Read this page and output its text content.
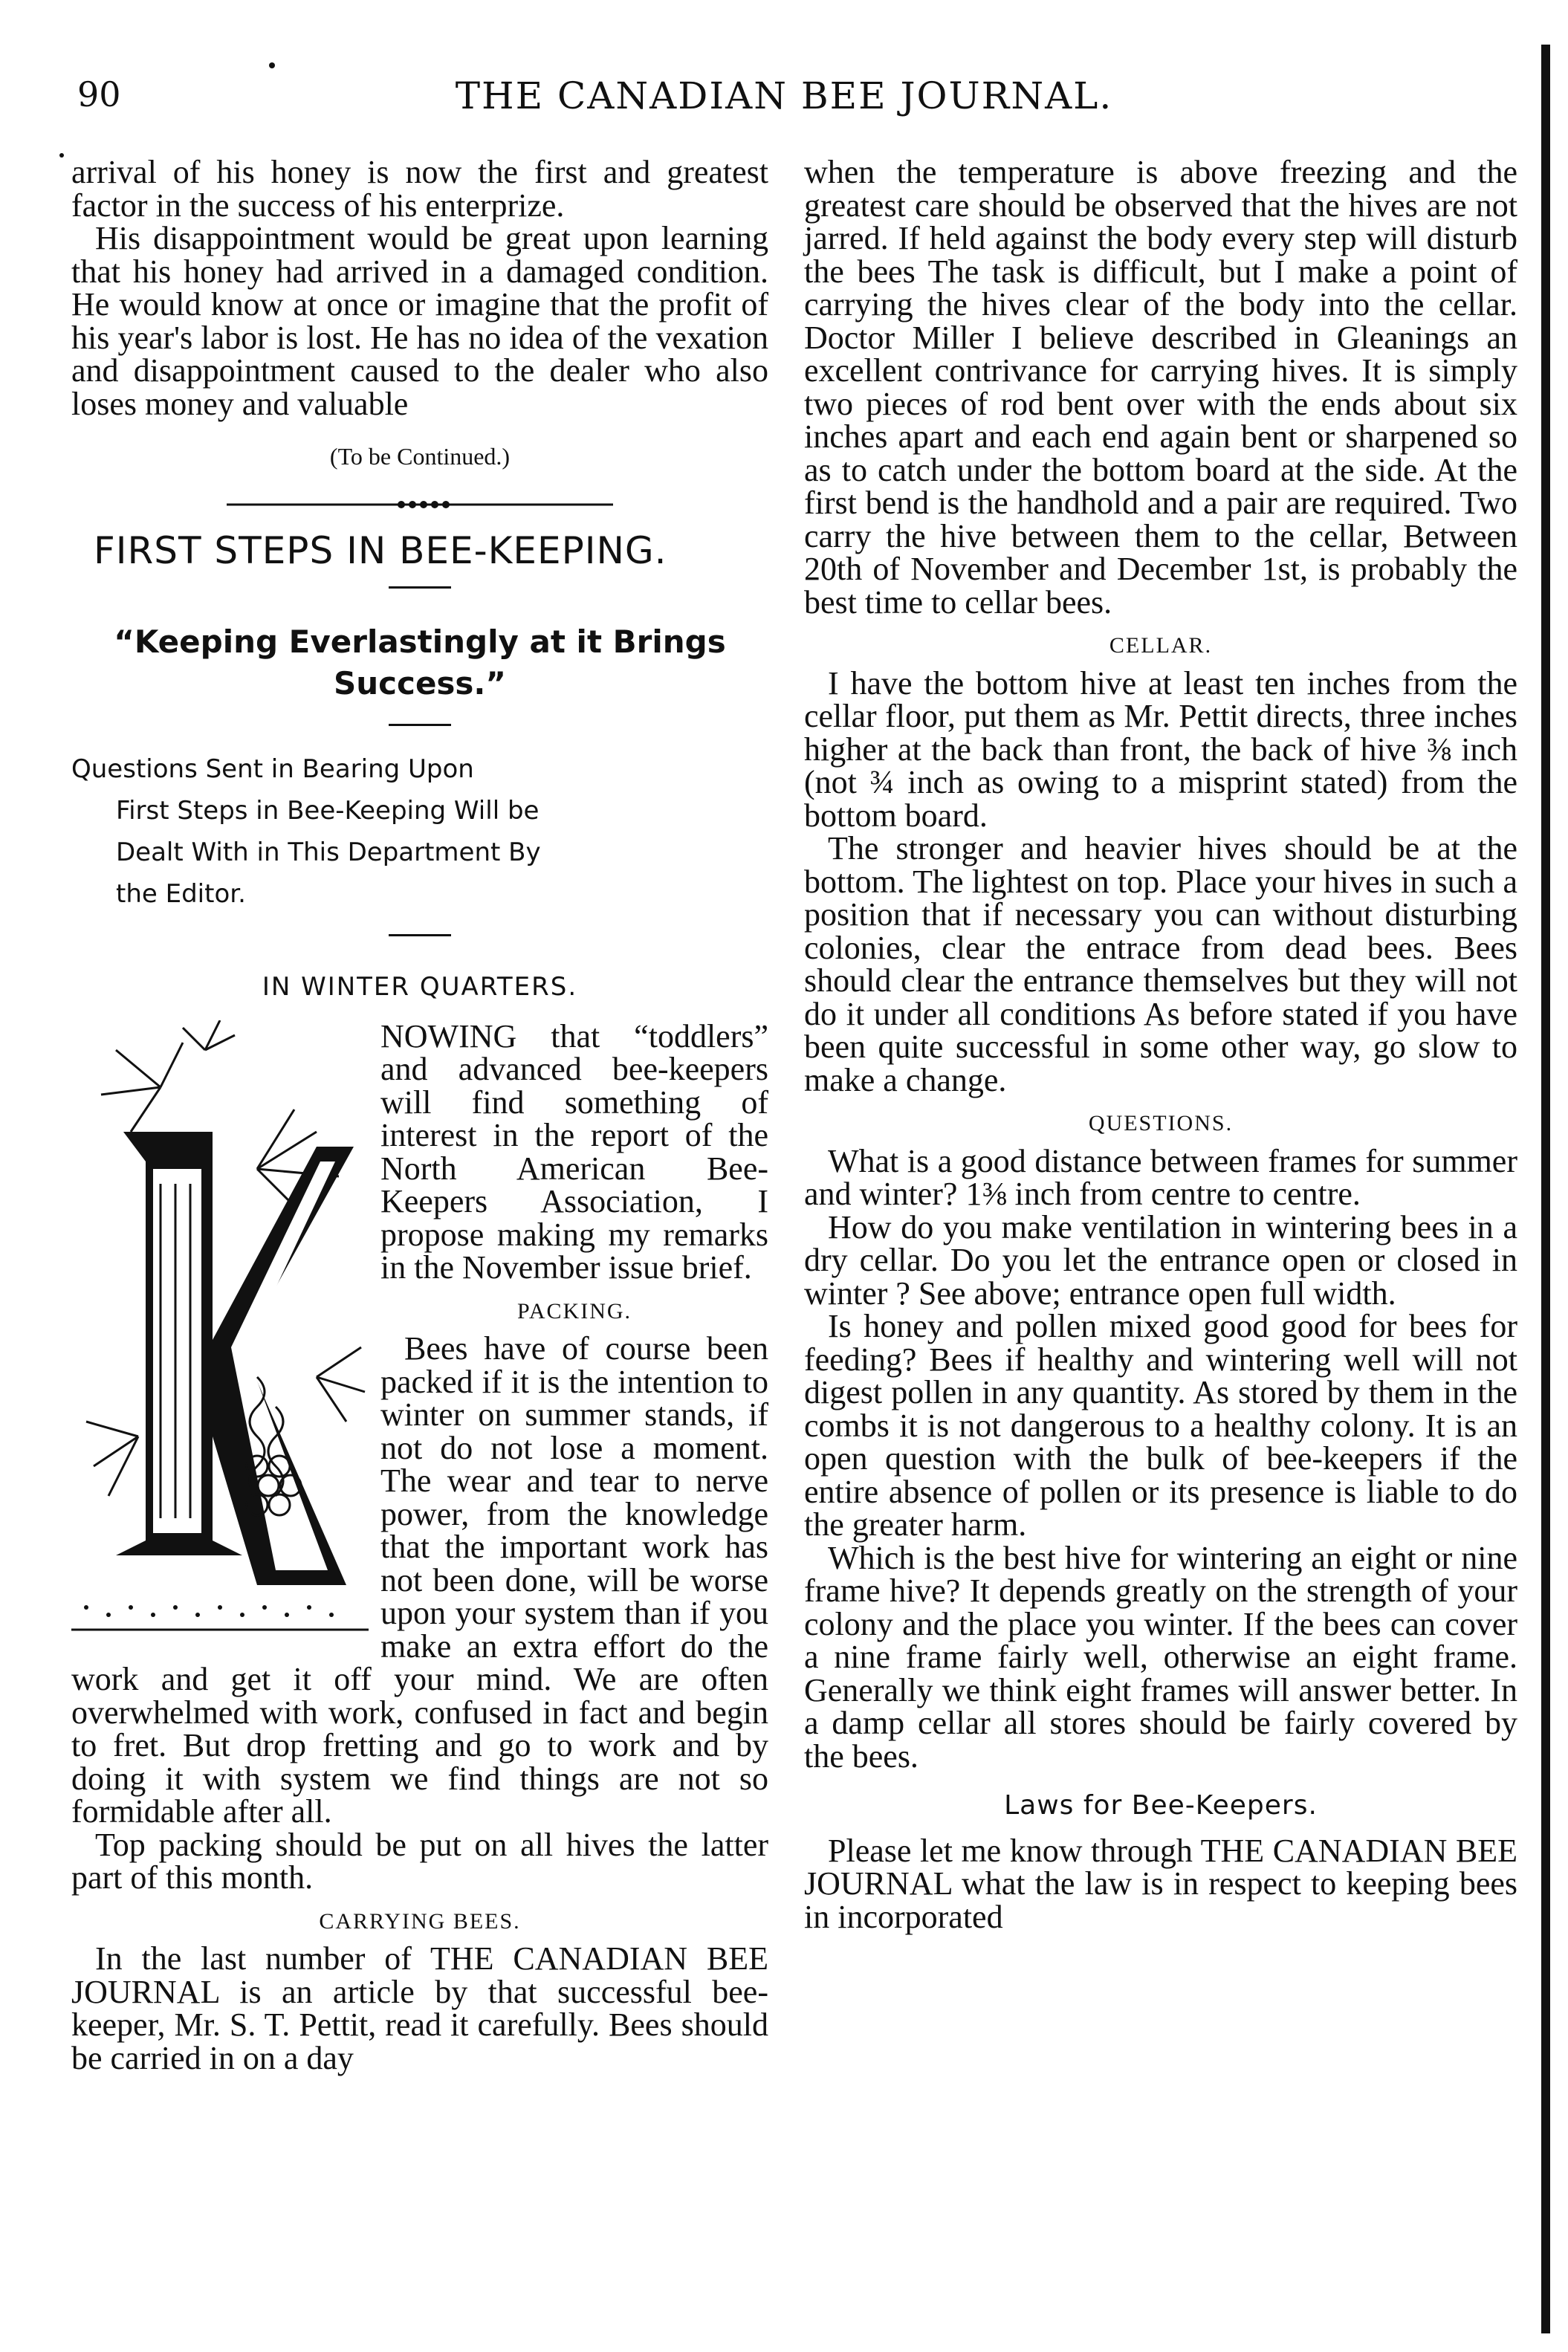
90	THE CANADIAN BEE JOURNAL.

arrival of his honey is now the first and greatest factor in the success of his enterprize.

His disappointment would be great upon learning that his honey had arrived in a damaged condition. He would know at once or imagine that the profit of his year's labor is lost. He has no idea of the vexation and disappointment caused to the dealer who also loses money and valuable

(To be Continued.)
FIRST STEPS IN BEE-KEEPING.
“Keeping Everlastingly at it Brings Success.”
Questions Sent in Bearing Upon
First Steps in Bee-Keeping Will be
Dealt With in This Department By
the Editor.
IN WINTER QUARTERS.

NOWING that “toddlers” and advanced bee-keepers will find something of interest in the report of the North American Bee-Keepers Association, I propose making my remarks in the November issue brief.

PACKING.

Bees have of course been packed if it is the intention to winter on summer stands, if not do not lose a moment. The wear and tear to nerve power, from the knowledge that the important work has not been done, will be worse upon your system than if you make an extra effort do the work and get it off your mind. We are often overwhelmed with work, confused in fact and begin to fret. But drop fretting and go to work and by doing it with system we find things are not so formidable after all.

Top packing should be put on all hives the latter part of this month.

CARRYING BEES.

In the last number of THE CANADIAN BEE JOURNAL is an article by that successful bee-keeper, Mr. S. T. Pettit, read it carefully. Bees should be carried in on a day

when the temperature is above freezing and the greatest care should be observed that the hives are not jarred. If held against the body every step will disturb the bees The task is difficult, but I make a point of carrying the hives clear of the body into the cellar. Doctor Miller I believe described in Gleanings an excellent contrivance for carrying hives. It is simply two pieces of rod bent over with the ends about six inches apart and each end again bent or sharpened so as to catch under the bottom board at the side. At the first bend is the handhold and a pair are required. Two carry the hive between them to the cellar, Between 20th of November and December 1st, is probably the best time to cellar bees.

CELLAR.

I have the bottom hive at least ten inches from the cellar floor, put them as Mr. Pettit directs, three inches higher at the back than front, the back of hive ⅜ inch (not ¾ inch as owing to a misprint stated) from the bottom board.

The stronger and heavier hives should be at the bottom. The lightest on top. Place your hives in such a position that if necessary you can without disturbing colonies, clear the entrace from dead bees. Bees should clear the entrance themselves but they will not do it under all conditions As before stated if you have been quite successful in some other way, go slow to make a change.

QUESTIONS.

What is a good distance between frames for summer and winter? 1⅜ inch from centre to centre.

How do you make ventilation in wintering bees in a dry cellar. Do you let the entrance open or closed in winter ? See above; entrance open full width.

Is honey and pollen mixed good good for bees for feeding? Bees if healthy and wintering well will not digest pollen in any quantity. As stored by them in the combs it is not dangerous to a healthy colony. It is an open question with the bulk of bee-keepers if the entire absence of pollen or its presence is liable to do the greater harm.

Which is the best hive for wintering an eight or nine frame hive? It depends greatly on the strength of your colony and the place you winter. If the bees can cover a nine frame fairly well, otherwise an eight frame. Generally we think eight frames will answer better. In a damp cellar all stores should be fairly covered by the bees.

Laws for Bee-Keepers.

Please let me know through THE CANADIAN BEE JOURNAL what the law is in respect to keeping bees in incorporated
